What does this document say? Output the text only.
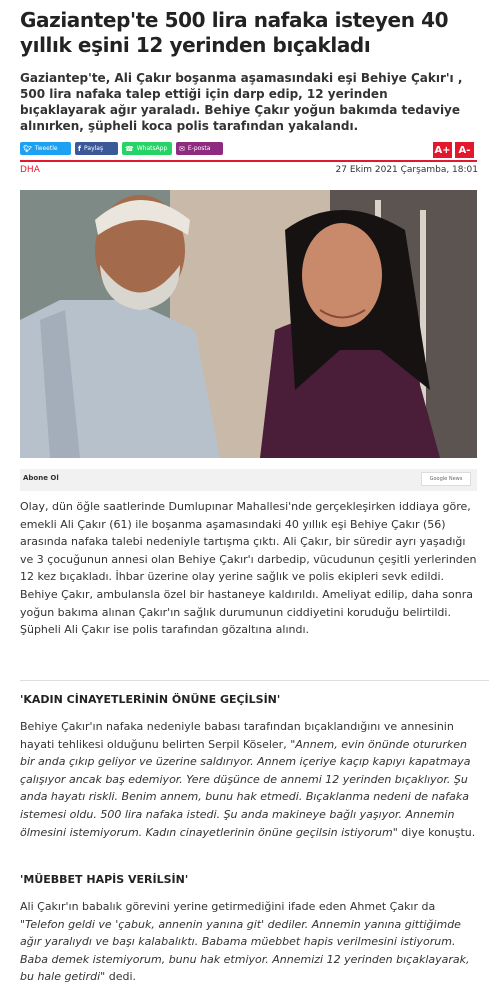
Gaziantep'te 500 lira nafaka isteyen 40 yıllık eşini 12 yerinden bıçakladı

Gaziantep'te, Ali Çakır boşanma aşamasındaki eşi Behiye Çakır'ı , 500 lira nafaka talep ettiği için darp edip, 12 yerinden bıçaklayarak ağır yaraladı. Behiye Çakır yoğun bakımda tedaviye alınırken, şüpheli koca polis tarafından yakalandı.

🐦︎ Tweetle	f Paylaş	☎ WhatsApp ✉ E-posta	A+ A-
DHA	27 Ekim 2021 Çarşamba, 18:01
Abone Ol	Google News

Olay, dün öğle saatlerinde Dumlupınar Mahallesi'nde gerçekleşirken iddiaya göre, emekli Ali Çakır (61) ile boşanma aşamasındaki 40 yıllık eşi Behiye Çakır (56) arasında nafaka talebi nedeniyle tartışma çıktı. Ali Çakır, bir süredir ayrı yaşadığı ve 3 çocuğunun annesi olan Behiye Çakır'ı darbedip, vücudunun çeşitli yerlerinden 12 kez bıçakladı. İhbar üzerine olay yerine sağlık ve polis ekipleri sevk edildi. Behiye Çakır, ambulansla özel bir hastaneye kaldırıldı. Ameliyat edilip, daha sonra yoğun bakıma alınan Çakır'ın sağlık durumunun ciddiyetini koruduğu belirtildi. Şüpheli Ali Çakır ise polis tarafından gözaltına alındı.

'KADIN CİNAYETLERİNİN ÖNÜNE GEÇİLSİN'

Behiye Çakır'ın nafaka nedeniyle babası tarafından bıçaklandığını ve annesinin hayati tehlikesi olduğunu belirten Serpil Köseler, "Annem, evin önünde otururken bir anda çıkıp geliyor ve üzerine saldırıyor. Annem içeriye kaçıp kapıyı kapatmaya çalışıyor ancak baş edemiyor. Yere düşünce de annemi 12 yerinden bıçaklıyor. Şu anda hayatı riskli. Benim annem, bunu hak etmedi. Bıçaklanma nedeni de nafaka istemesi oldu. 500 lira nafaka istedi. Şu anda makineye bağlı yaşıyor. Annemin ölmesini istemiyorum. Kadın cinayetlerinin önüne geçilsin istiyorum" diye konuştu.

'MÜEBBET HAPİS VERİLSİN'

Ali Çakır'ın babalık görevini yerine getirmediğini ifade eden Ahmet Çakır da "Telefon geldi ve 'çabuk, annenin yanına git' dediler. Annemin yanına gittiğimde ağır yaralıydı ve başı kalabalıktı. Babama müebbet hapis verilmesini istiyorum. Baba demek istemiyorum, bunu hak etmiyor. Annemizi 12 yerinden bıçaklayarak, bu hale getirdi" dedi.
